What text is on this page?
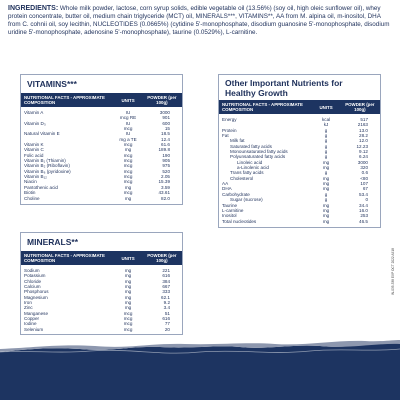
INGREDIENTS: Whole milk powder, lactose, corn syrup solids, edible vegetable oil (13.56%) (soy oil, high oleic sunflower oil), whey protein concentrate, butter oil, medium chain triglyceride (MCT) oil, MINERALS***, VITAMINS**, AA from M. alpina oil, m-inositol, DHA from C. cohnii oil, soy lecithin, NUCLEOTIDES (0.0665%) (cytidine 5'-monophosphate, disodium guanosine 5'-monophosphate, disodium uridine 5'-monophosphate, adenosine 5'-monophosphate), taurine (0.0529%), L-carnitine.
VITAMINS***
NUTRITIONAL FACTS - APPROXIMATE COMPOSITION	UNITS	POWDER (per 100g)
Vitamin A	IU	3000
	mcg RE	901
Vitamin D₃	IU	600
	mcg	15
Natural Vitamin E	IU	18.5
	mg a TE	12.4
Vitamin K	mcg	61.6
Vitamin C	mg	189.8
Folic acid	mcg	190
Vitamin B₁ (Thiamin)	mcg	905
Vitamin B₂ (Riboflavin)	mcg	975
Vitamin B₆ (pyridoxine)	mcg	520
Vitamin B₁₂	mcg	2.05
Niacin	mcg	15.39
Pantothenic acid	mg	3.59
Biotin	mcg	43.61
Choline	mg	82.0
MINERALS**
NUTRITIONAL FACTS - APPROXIMATE COMPOSITION	UNITS	POWDER (per 100g)
Sodium	mg	221
Potassium	mg	616
Chloride	mg	384
Calcium	mg	667
Phosphorus	mg	333
Magnesium	mg	62.1
Iron	mg	9.2
Zinc	mg	3.4
Manganese	mcg	51
Copper	mcg	616
Iodine	mcg	77
Selenium	mcg	20
Other Important Nutrients for Healthy Growth
NUTRITIONAL FACTS - APPROXIMATE COMPOSITION	UNITS	POWDER (per 100g)
Energy	kcal	517
	kJ	2163
Protein	g	13.0
Fat	g	28.2
Milk fat	g	12.0
Saturated fatty acids	g	12.23
Monounsaturated fatty acids	g	9.12
Polyunsaturated fatty acids	g	6.24
Linoleic acid	mg	3000
a-Linolenic acid	mg	320
Trans fatty acids	g	0.6
Cholesterol	mg	<80
AA	mg	107
DHA	mg	67
Carbohydrate	g	53.4
Sugar (sucrose)	g	0
Taurine	mg	34.4
L-carnitine	mg	16.0
Inositol	mg	253
Total nucleotides	mg	46.5
IN-035-338 EXP OCT 2022 A918
